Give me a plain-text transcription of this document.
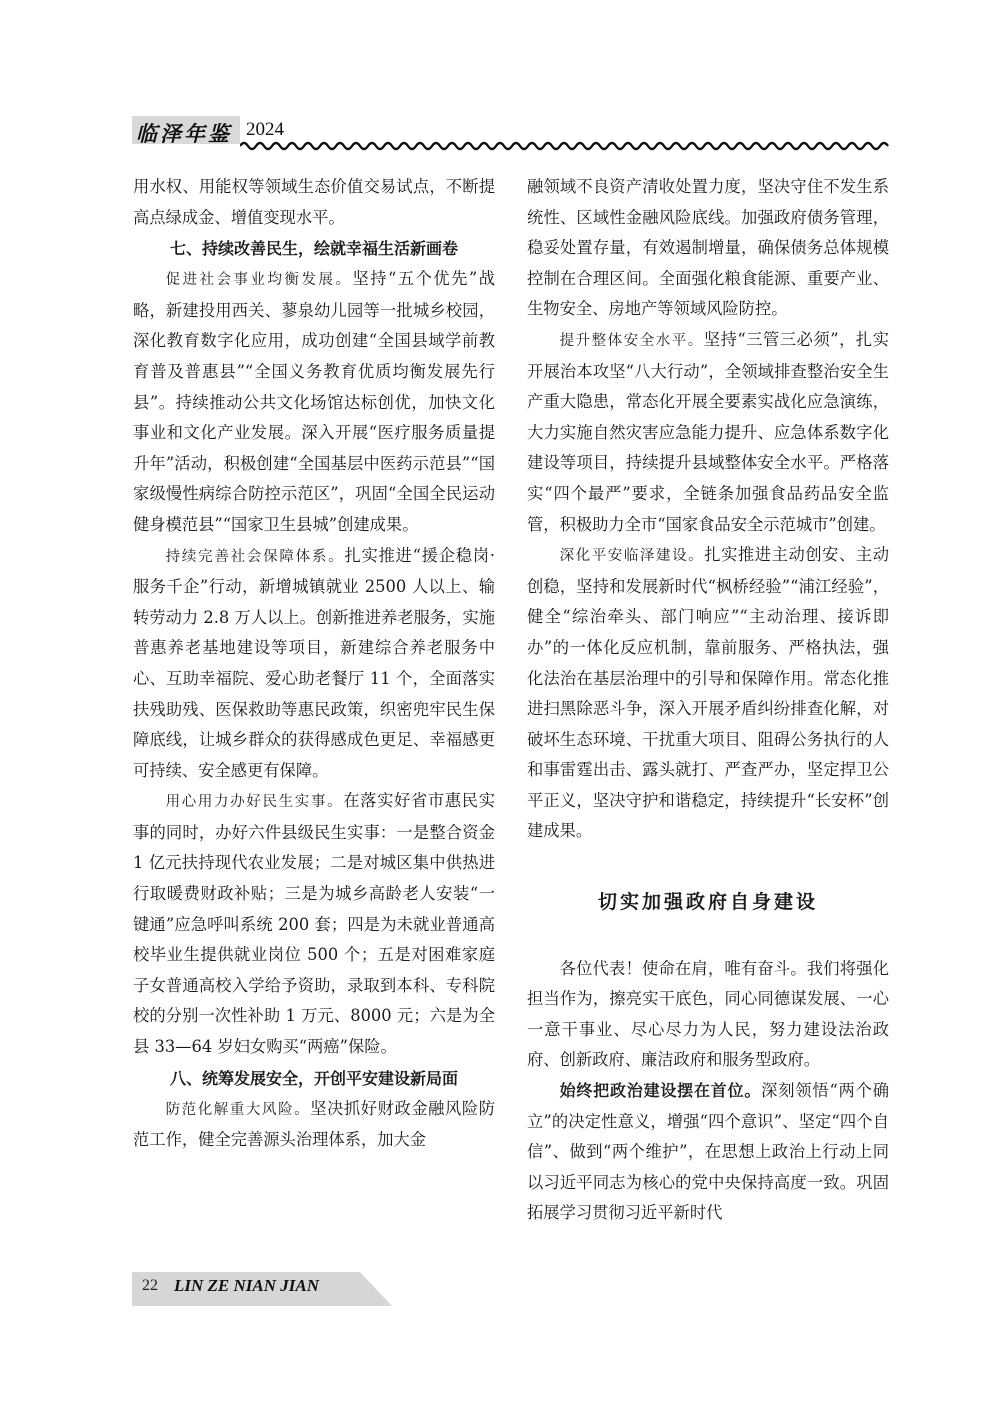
临泽年鉴 2024

用水权、用能权等领域生态价值交易试点，不断提高点绿成金、增值变现水平。

七、持续改善民生，绘就幸福生活新画卷

促进社会事业均衡发展。坚持“五个优先”战略，新建投用西关、蓼泉幼儿园等一批城乡校园，深化教育数字化应用，成功创建“全国县域学前教育普及普惠县”“全国义务教育优质均衡发展先行县”。持续推动公共文化场馆达标创优，加快文化事业和文化产业发展。深入开展“医疗服务质量提升年”活动，积极创建“全国基层中医药示范县”“国家级慢性病综合防控示范区”，巩固“全国全民运动健身模范县”“国家卫生县城”创建成果。

持续完善社会保障体系。扎实推进“援企稳岗·服务千企”行动，新增城镇就业 2500 人以上、输转劳动力 2.8 万人以上。创新推进养老服务，实施普惠养老基地建设等项目，新建综合养老服务中心、互助幸福院、爱心助老餐厅 11 个，全面落实扶残助残、医保救助等惠民政策，织密兜牢民生保障底线，让城乡群众的获得感成色更足、幸福感更可持续、安全感更有保障。

用心用力办好民生实事。在落实好省市惠民实事的同时，办好六件县级民生实事：一是整合资金 1 亿元扶持现代农业发展；二是对城区集中供热进行取暖费财政补贴；三是为城乡高龄老人安装“一键通”应急呼叫系统 200 套；四是为未就业普通高校毕业生提供就业岗位 500 个；五是对困难家庭子女普通高校入学给予资助，录取到本科、专科院校的分别一次性补助 1 万元、8000 元；六是为全县 33—64 岁妇女购买“两癌”保险。

八、统筹发展安全，开创平安建设新局面

防范化解重大风险。坚决抓好财政金融风险防范工作，健全完善源头治理体系，加大金

融领域不良资产清收处置力度，坚决守住不发生系统性、区域性金融风险底线。加强政府债务管理，稳妥处置存量，有效遏制增量，确保债务总体规模控制在合理区间。全面强化粮食能源、重要产业、生物安全、房地产等领域风险防控。

提升整体安全水平。坚持“三管三必须”，扎实开展治本攻坚“八大行动”，全领域排查整治安全生产重大隐患，常态化开展全要素实战化应急演练，大力实施自然灾害应急能力提升、应急体系数字化建设等项目，持续提升县域整体安全水平。严格落实“四个最严”要求，全链条加强食品药品安全监管，积极助力全市“国家食品安全示范城市”创建。

深化平安临泽建设。扎实推进主动创安、主动创稳，坚持和发展新时代“枫桥经验”“浦江经验”，健全“综治牵头、部门响应”“主动治理、接诉即办”的一体化反应机制，靠前服务、严格执法，强化法治在基层治理中的引导和保障作用。常态化推进扫黑除恶斗争，深入开展矛盾纠纷排查化解，对破坏生态环境、干扰重大项目、阻碍公务执行的人和事雷霆出击、露头就打、严查严办，坚定捍卫公平正义，坚决守护和谐稳定，持续提升“长安杯”创建成果。

切实加强政府自身建设

各位代表！使命在肩，唯有奋斗。我们将强化担当作为，擦亮实干底色，同心同德谋发展、一心一意干事业、尽心尽力为人民，努力建设法治政府、创新政府、廉洁政府和服务型政府。

始终把政治建设摆在首位。深刻领悟“两个确立”的决定性意义，增强“四个意识”、坚定“四个自信”、做到“两个维护”，在思想上政治上行动上同以习近平同志为核心的党中央保持高度一致。巩固拓展学习贯彻习近平新时代

22 LIN ZE NIAN JIAN
